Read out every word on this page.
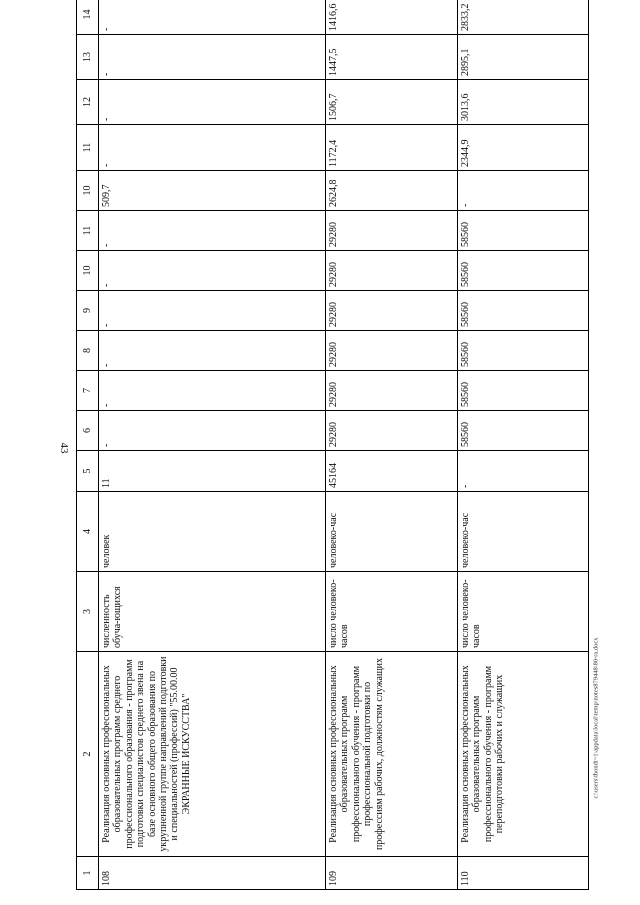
43
1	2	3	4	5	6	7	8	9	10	11	10	11	12	13	14		
108	Реализация основных профессиональных образовательных программ среднего профессионального образования - программ подготовки специалистов среднего звена на базе основного общего образования по укрупненной группе направлений подготовки и специальностей (профессий) "55.00.00 ЭКРАННЫЕ ИСКУССТВА"	численность обуча-ющихся	человек	11	-	-	-	-	-	-	509,7	-	-	-	-		
109	Реализация основных профессиональных образовательных программ профессионального обучения - программ профессиональной подготовки по профессиям рабочих, должностям служащих	число человеко-часов	человеко-час	45164	29280	29280	29280	29280	29280	29280	2624,8	1172,4	1506,7	1447,5	1416,6		
110	Реализация основных профессиональных образовательных программ профессионального обучения - программ переподготовки рабочих и служащих	число человеко-часов	человеко-час	-	58560	58560	58560	58560	58560	58560	-	2344,9	3013,6	2895,1	2833,2		
c:\users\tbondt~1\appdata\local\temp\notes879448\80-ra.docx
